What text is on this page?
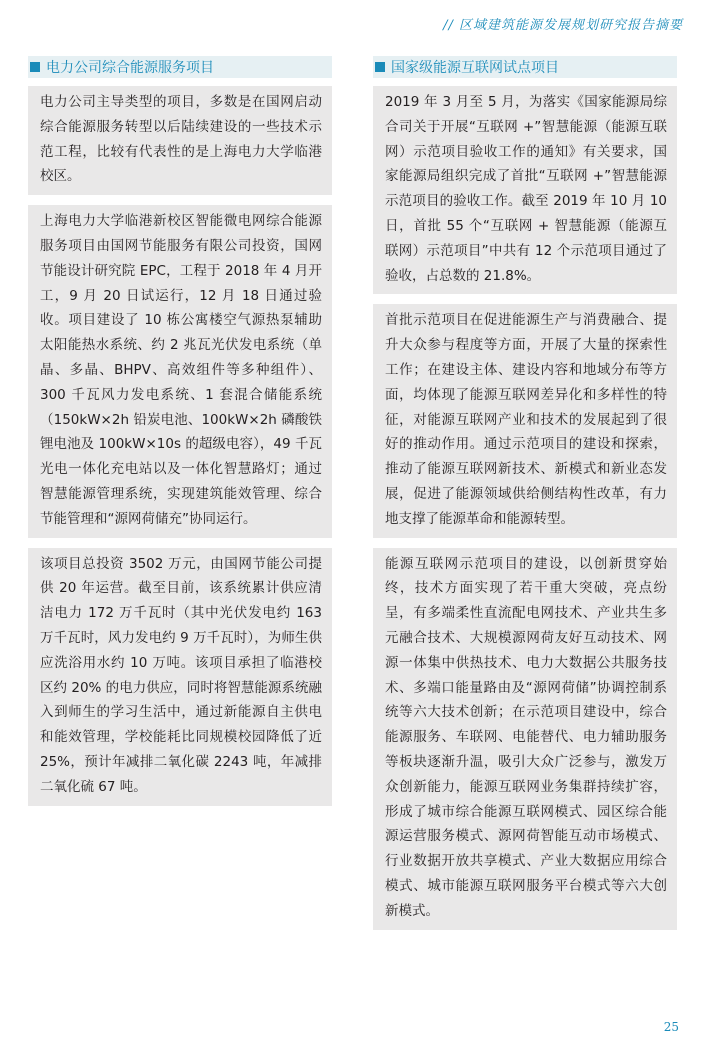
// 区域建筑能源发展规划研究报告摘要
电力公司综合能源服务项目

电力公司主导类型的项目，多数是在国网启动综合能源服务转型以后陆续建设的一些技术示范工程，比较有代表性的是上海电力大学临港校区。

上海电力大学临港新校区智能微电网综合能源服务项目由国网节能服务有限公司投资，国网节能设计研究院 EPC，工程于 2018 年 4 月开工，9 月 20 日试运行，12 月 18 日通过验收。项目建设了 10 栋公寓楼空气源热泵辅助太阳能热水系统、约 2 兆瓦光伏发电系统（单晶、多晶、BHPV、高效组件等多种组件）、300 千瓦风力发电系统、1 套混合储能系统（150kW×2h 铅炭电池、100kW×2h 磷酸铁锂电池及 100kW×10s 的超级电容），49 千瓦光电一体化充电站以及一体化智慧路灯；通过智慧能源管理系统，实现建筑能效管理、综合节能管理和“源网荷储充”协同运行。

该项目总投资 3502 万元，由国网节能公司提供 20 年运营。截至目前，该系统累计供应清洁电力 172 万千瓦时（其中光伏发电约 163 万千瓦时，风力发电约 9 万千瓦时），为师生供应洗浴用水约 10 万吨。该项目承担了临港校区约 20% 的电力供应，同时将智慧能源系统融入到师生的学习生活中，通过新能源自主供电和能效管理，学校能耗比同规模校园降低了近 25%，预计年减排二氧化碳 2243 吨，年减排二氧化硫 67 吨。

国家级能源互联网试点项目

2019 年 3 月至 5 月，为落实《国家能源局综合司关于开展“互联网 +”智慧能源（能源互联网）示范项目验收工作的通知》有关要求，国家能源局组织完成了首批“互联网 +”智慧能源示范项目的验收工作。截至 2019 年 10 月 10 日，首批 55 个“互联网 + 智慧能源（能源互联网）示范项目”中共有 12 个示范项目通过了验收，占总数的 21.8%。

首批示范项目在促进能源生产与消费融合、提升大众参与程度等方面，开展了大量的探索性工作；在建设主体、建设内容和地域分布等方面，均体现了能源互联网差异化和多样性的特征，对能源互联网产业和技术的发展起到了很好的推动作用。通过示范项目的建设和探索，推动了能源互联网新技术、新模式和新业态发展，促进了能源领域供给侧结构性改革，有力地支撑了能源革命和能源转型。

能源互联网示范项目的建设，以创新贯穿始终，技术方面实现了若干重大突破，亮点纷呈，有多端柔性直流配电网技术、产业共生多元融合技术、大规模源网荷友好互动技术、网源一体集中供热技术、电力大数据公共服务技术、多端口能量路由及“源网荷储”协调控制系统等六大技术创新；在示范项目建设中，综合能源服务、车联网、电能替代、电力辅助服务等板块逐渐升温，吸引大众广泛参与，激发万众创新能力，能源互联网业务集群持续扩容，形成了城市综合能源互联网模式、园区综合能源运营服务模式、源网荷智能互动市场模式、行业数据开放共享模式、产业大数据应用综合模式、城市能源互联网服务平台模式等六大创新模式。

25
